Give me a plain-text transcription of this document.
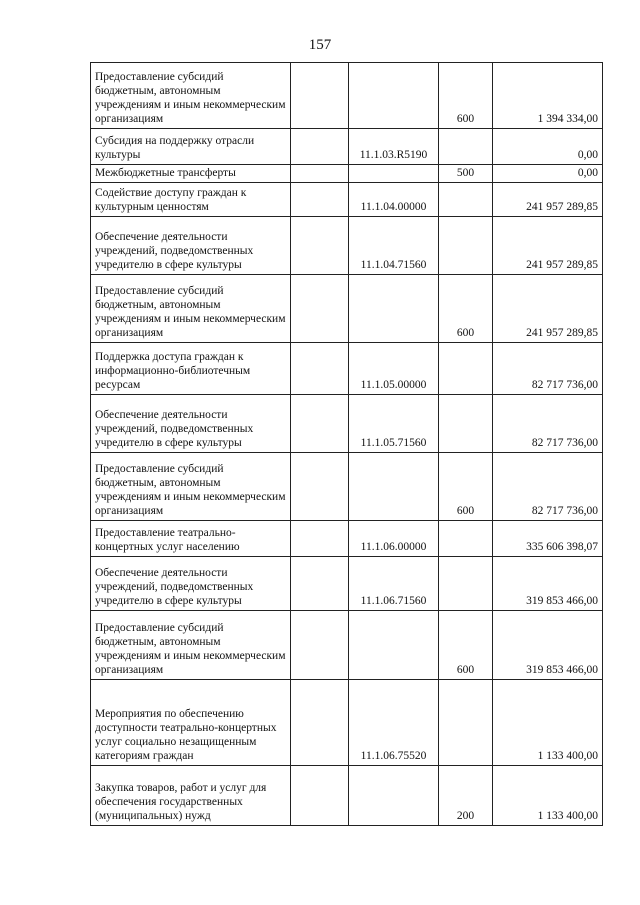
157
Предоставление субсидий бюджетным, автономным учреждениям и иным некоммерческим организациям			600	1 394 334,00
Субсидия на поддержку отрасли культуры		11.1.03.R5190		0,00
Межбюджетные трансферты			500	0,00
Содействие доступу граждан к культурным ценностям		11.1.04.00000		241 957 289,85
Обеспечение деятельности учреждений, подведомственных учредителю в сфере культуры		11.1.04.71560		241 957 289,85
Предоставление субсидий бюджетным, автономным учреждениям и иным некоммерческим организациям			600	241 957 289,85
Поддержка доступа граждан к информационно-библиотечным ресурсам		11.1.05.00000		82 717 736,00
Обеспечение деятельности учреждений, подведомственных учредителю в сфере культуры		11.1.05.71560		82 717 736,00
Предоставление субсидий бюджетным, автономным учреждениям и иным некоммерческим организациям			600	82 717 736,00
Предоставление театрально-концертных услуг населению		11.1.06.00000		335 606 398,07
Обеспечение деятельности учреждений, подведомственных учредителю в сфере культуры		11.1.06.71560		319 853 466,00
Предоставление субсидий бюджетным, автономным учреждениям и иным некоммерческим организациям			600	319 853 466,00
Мероприятия по обеспечению доступности театрально-концертных услуг социально незащищенным категориям граждан		11.1.06.75520		1 133 400,00
Закупка товаров, работ и услуг для обеспечения государственных (муниципальных) нужд			200	1 133 400,00
